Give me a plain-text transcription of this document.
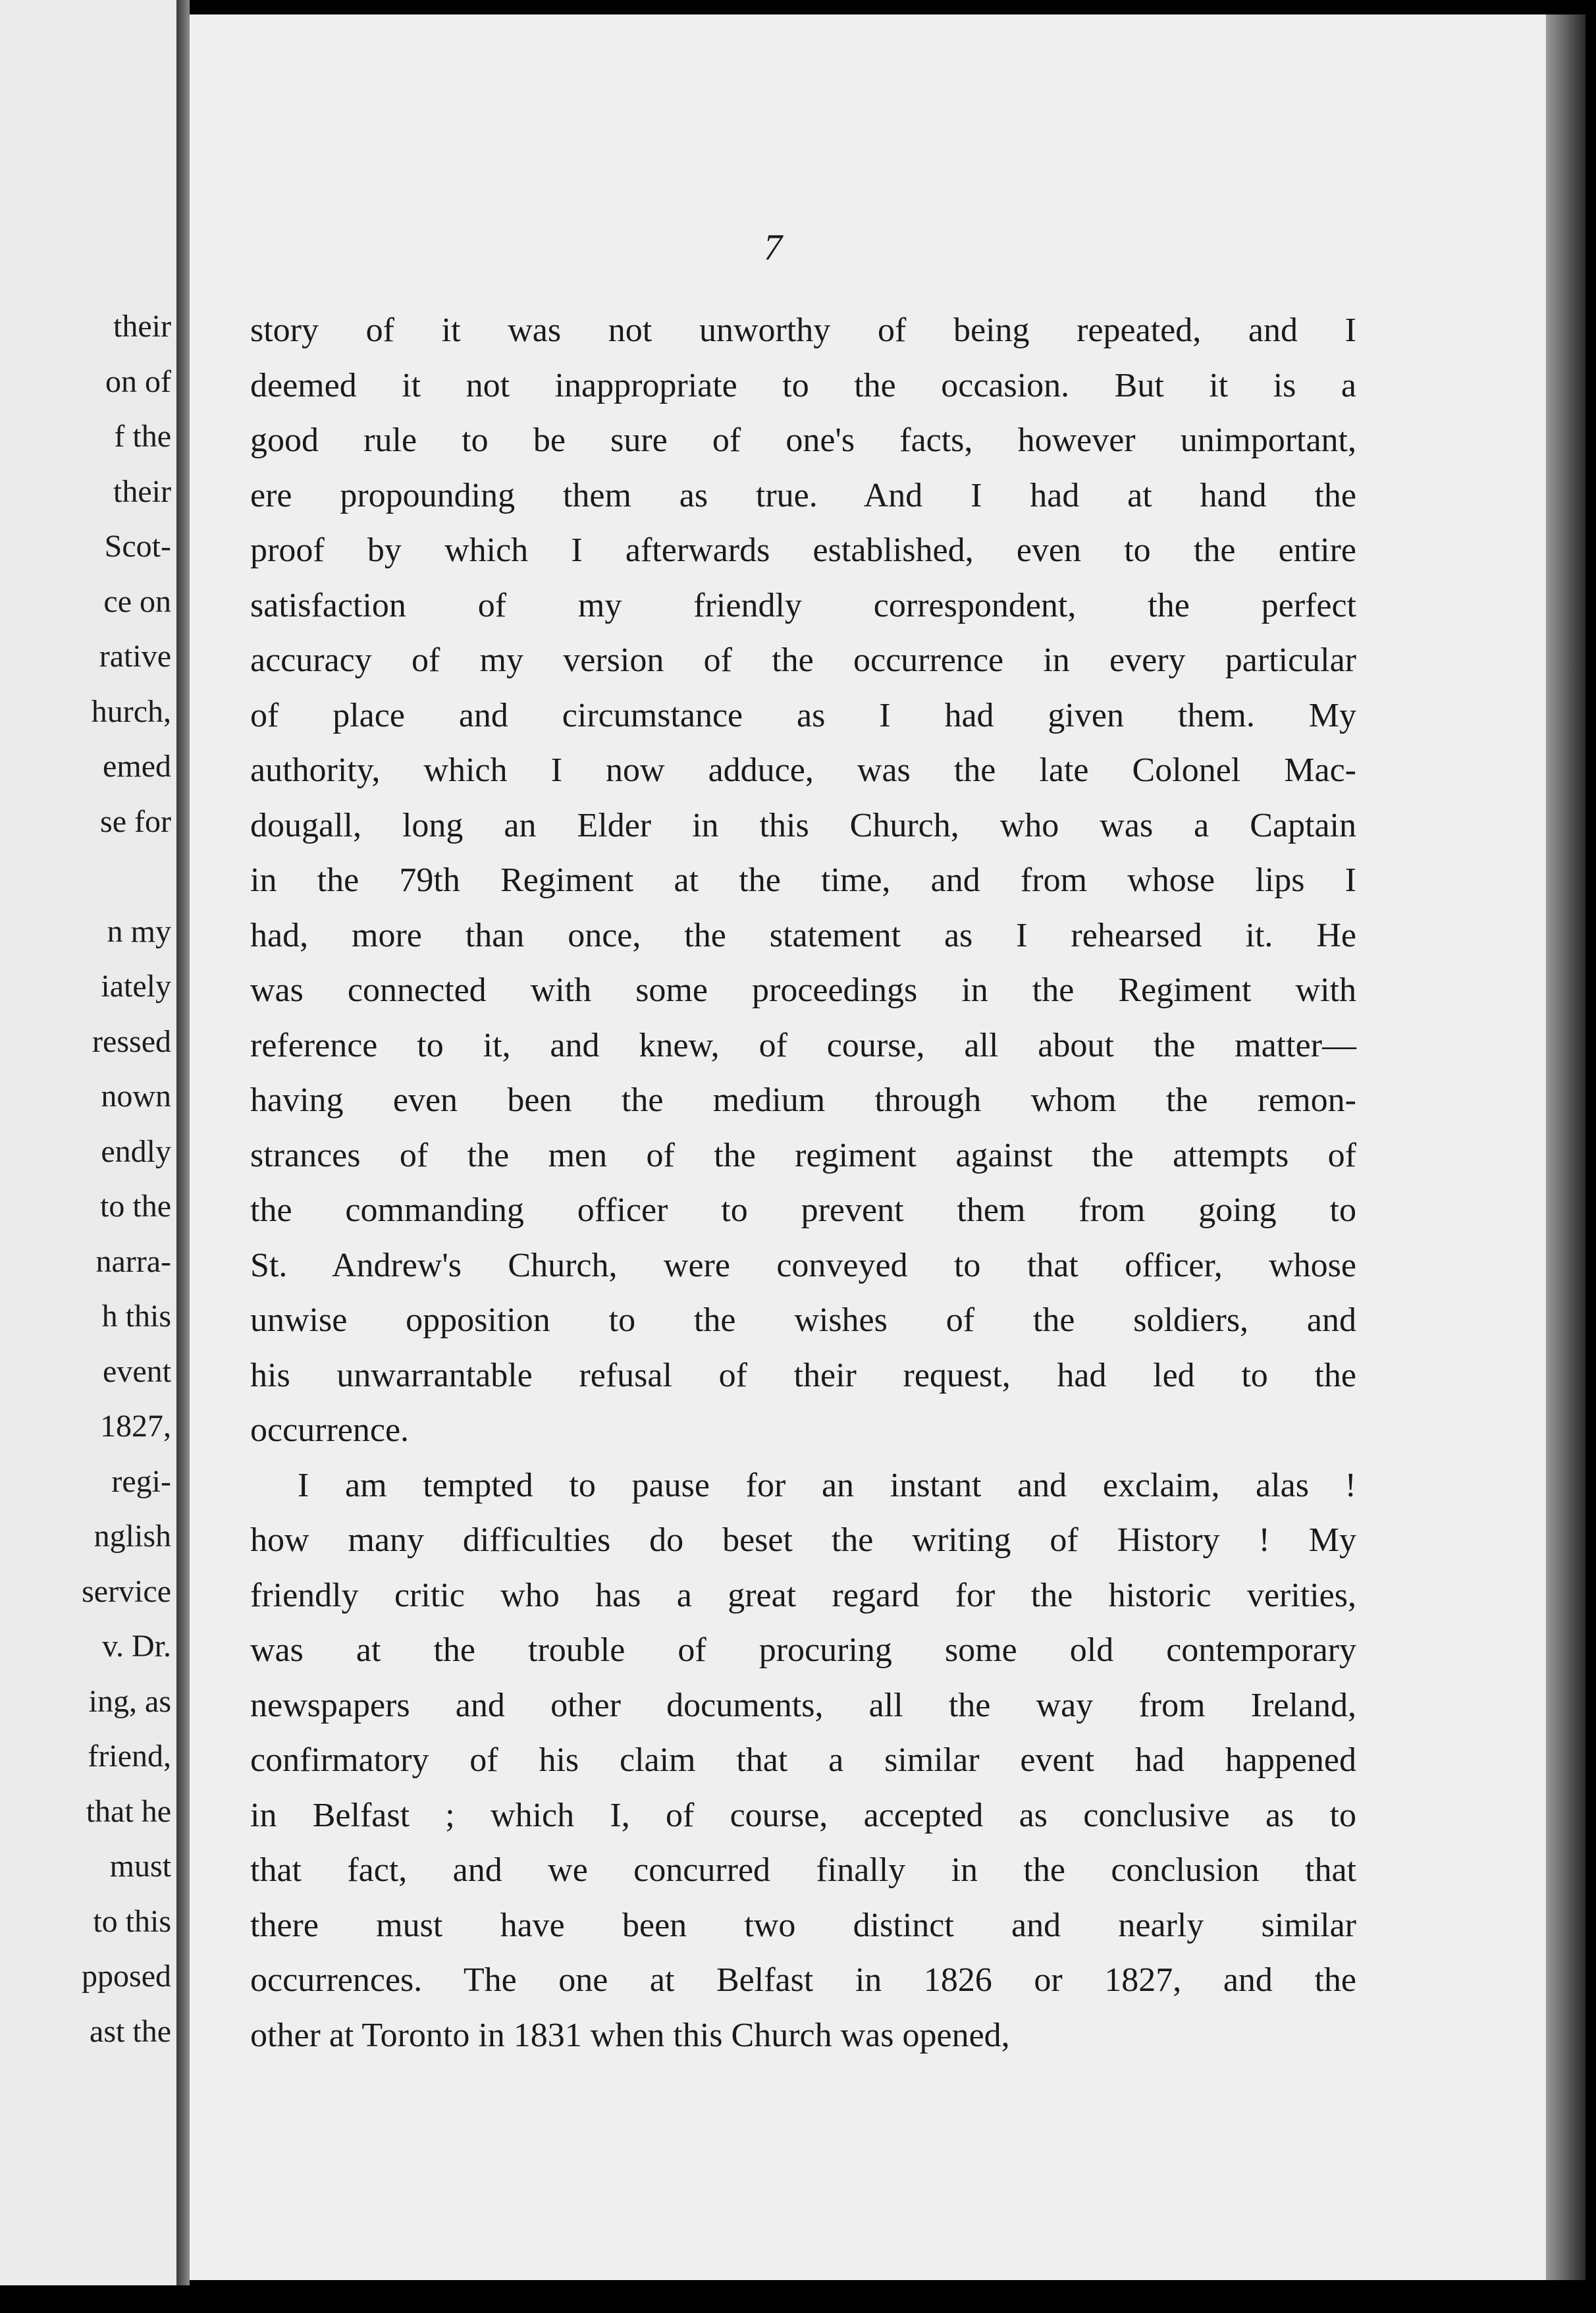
their
on of
f the
their
Scot-
ce on
rative
hurch,
emed
se for
n my
iately
ressed
nown
endly
to the
narra-
h this
event
1827,
regi-
nglish
service
v. Dr.
ing, as
friend,
that he
must
to this
pposed
ast the
7
story of it was not unworthy of being repeated, and I
deemed it not inappropriate to the occasion. But it is a
good rule to be sure of one's facts, however unimportant,
ere propounding them as true. And I had at hand the
proof by which I afterwards established, even to the entire
satisfaction of my friendly correspondent, the perfect
accuracy of my version of the occurrence in every particular
of place and circumstance as I had given them. My
authority, which I now adduce, was the late Colonel Mac-
dougall, long an Elder in this Church, who was a Captain
in the 79th Regiment at the time, and from whose lips I
had, more than once, the statement as I rehearsed it. He
was connected with some proceedings in the Regiment with
reference to it, and knew, of course, all about the matter—
having even been the medium through whom the remon-
strances of the men of the regiment against the attempts of
the commanding officer to prevent them from going to
St. Andrew's Church, were conveyed to that officer, whose
unwise opposition to the wishes of the soldiers, and
his unwarrantable refusal of their request, had led to the
occurrence.
I am tempted to pause for an instant and exclaim, alas !
how many difficulties do beset the writing of History ! My
friendly critic who has a great regard for the historic verities,
was at the trouble of procuring some old contemporary
newspapers and other documents, all the way from Ireland,
confirmatory of his claim that a similar event had happened
in Belfast ; which I, of course, accepted as conclusive as to
that fact, and we concurred finally in the conclusion that
there must have been two distinct and nearly similar
occurrences. The one at Belfast in 1826 or 1827, and the
other at Toronto in 1831 when this Church was opened,
